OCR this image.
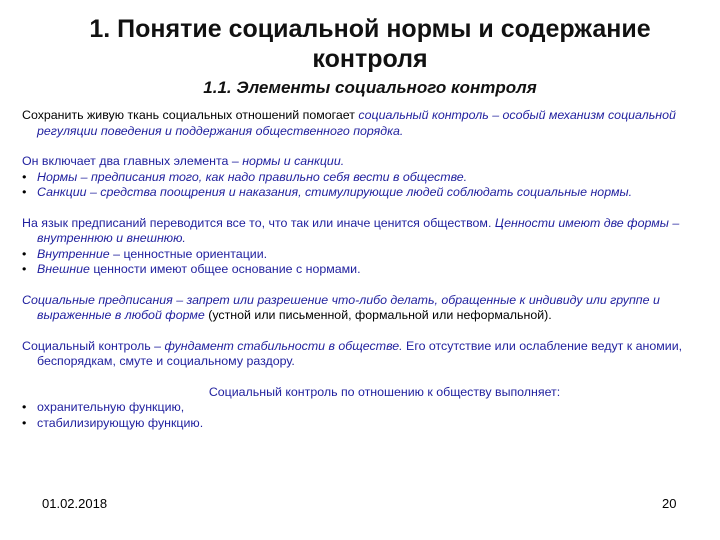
1. Понятие социальной нормы и содержание контроля
1.1. Элементы социального контроля
Сохранить живую ткань социальных отношений помогает социальный контроль – особый механизм социальной регуляции поведения и поддержания общественного порядка.
Он включает два главных элемента – нормы и санкции.
• Нормы – предписания того, как надо правильно себя вести в обществе.
• Санкции – средства поощрения и наказания, стимулирующие людей соблюдать социальные нормы.
На язык предписаний переводится все то, что так или иначе ценится обществом. Ценности имеют две формы – внутреннюю и внешнюю.
• Внутренние – ценностные ориентации.
• Внешние ценности имеют общее основание с нормами.
Социальные предписания – запрет или разрешение что-либо делать, обращенные к индивиду или группе и выраженные в любой форме (устной или письменной, формальной или неформальной).
Социальный контроль – фундамент стабильности в обществе. Его отсутствие или ослабление ведут к аномии, беспорядкам, смуте и социальному раздору.
Социальный контроль по отношению к обществу выполняет:
• охранительную функцию,
• стабилизирующую функцию.
01.02.2018	20
